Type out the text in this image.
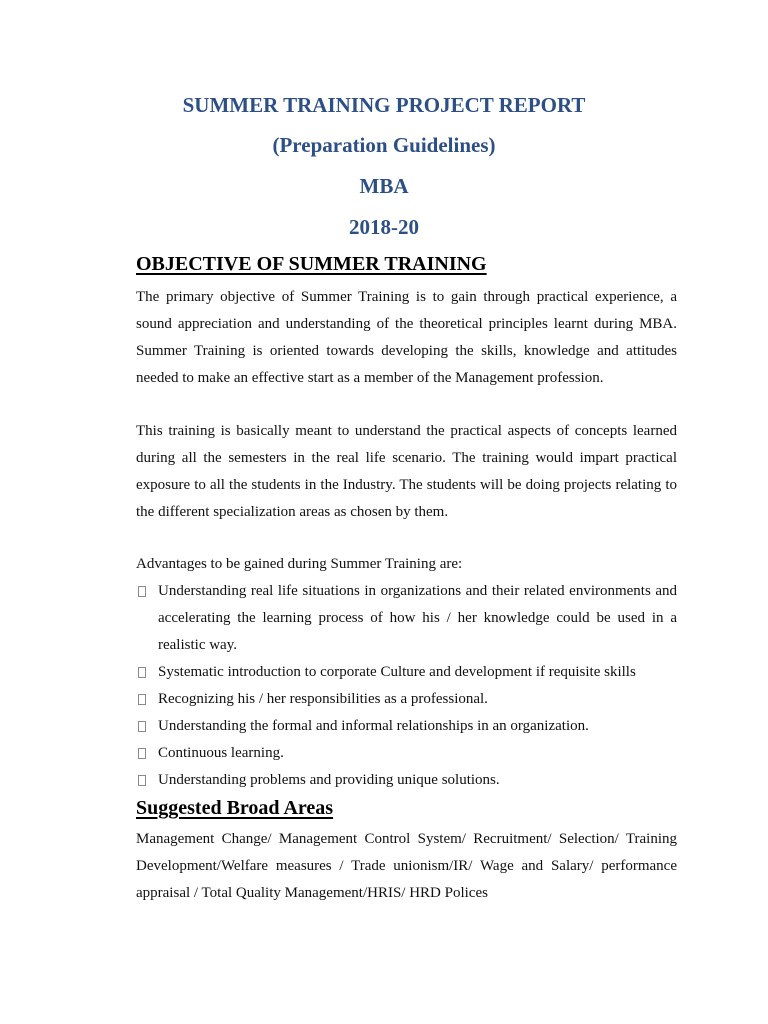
SUMMER TRAINING PROJECT REPORT
(Preparation Guidelines)
MBA
2018-20
OBJECTIVE OF SUMMER TRAINING
The primary objective of Summer Training is to gain through practical experience, a sound appreciation and understanding of the theoretical principles learnt during MBA. Summer Training is oriented towards developing the skills, knowledge and attitudes needed to make an effective start as a member of the Management profession.
This training is basically meant to understand the practical aspects of concepts learned during all the semesters in the real life scenario. The training would impart practical exposure to all the students in the Industry. The students will be doing projects relating to the different specialization areas as chosen by them.
Advantages to be gained during Summer Training are:
Understanding real life situations in organizations and their related environments and accelerating the learning process of how his / her knowledge could be used in a realistic way.
Systematic introduction to corporate Culture and development if requisite skills
Recognizing his / her responsibilities as a professional.
Understanding the formal and informal relationships in an organization.
Continuous learning.
Understanding problems and providing unique solutions.
Suggested Broad Areas
Management Change/ Management Control System/ Recruitment/ Selection/ Training Development/Welfare measures / Trade unionism/IR/ Wage and Salary/ performance appraisal / Total Quality Management/HRIS/ HRD Polices
